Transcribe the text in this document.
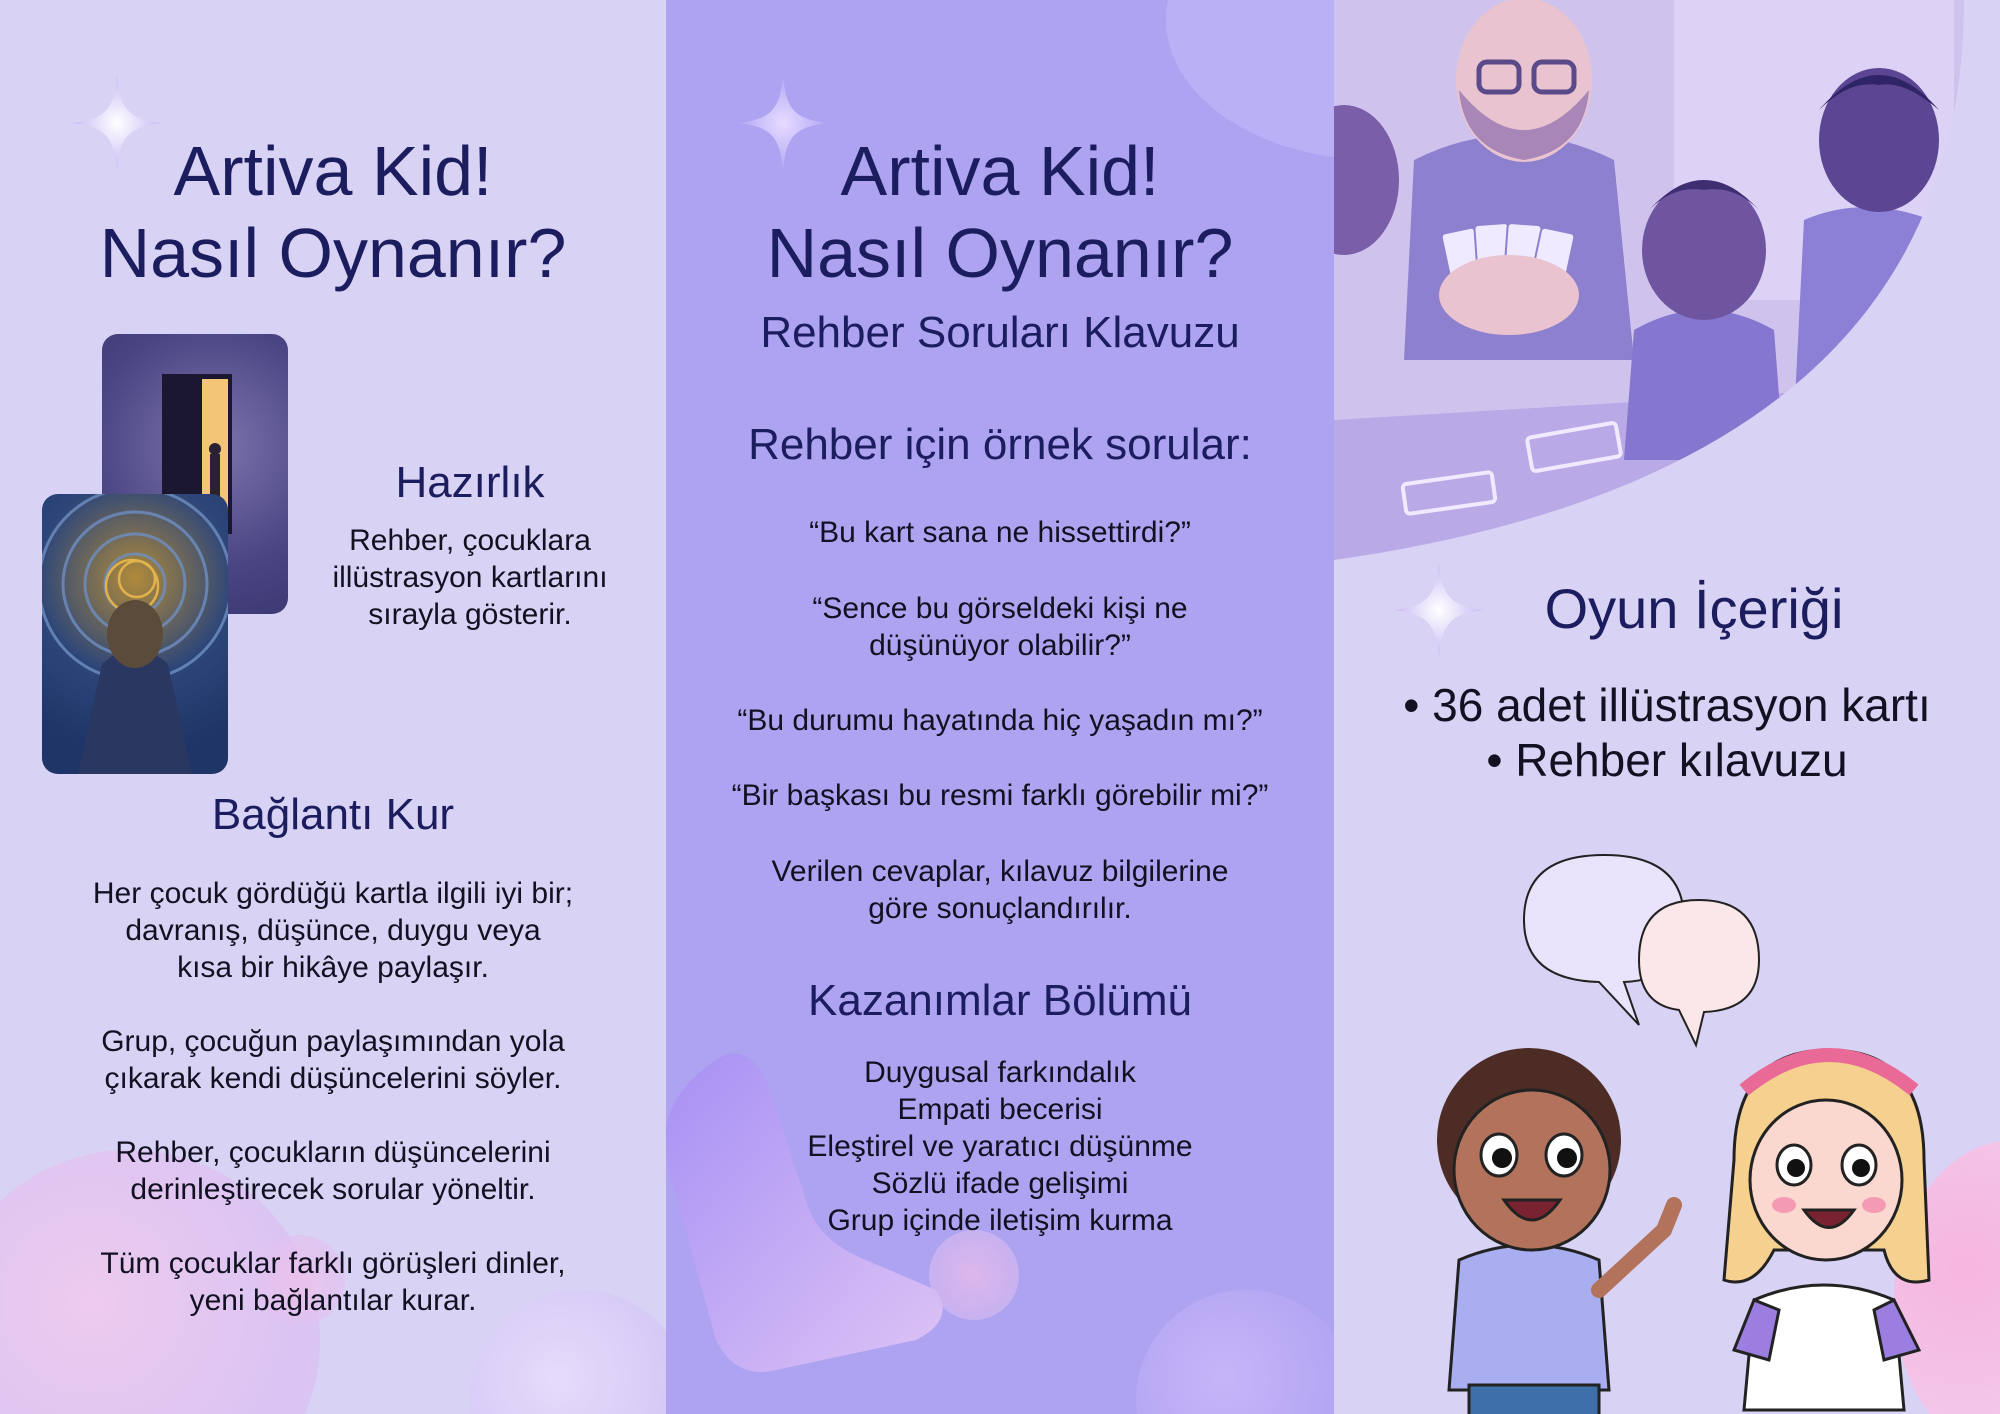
Artiva Kid!
Nasıl Oynanır?
Hazırlık
Rehber, çocuklara
illüstrasyon kartlarını
sırayla gösterir.
Bağlantı Kur
Her çocuk gördüğü kartla ilgili iyi bir;
davranış, düşünce, duygu veya
kısa bir hikâye paylaşır.
Grup, çocuğun paylaşımından yola
çıkarak kendi düşüncelerini söyler.
Rehber, çocukların düşüncelerini
derinleştirecek sorular yöneltir.
Tüm çocuklar farklı görüşleri dinler,
yeni bağlantılar kurar.
Artiva Kid!
Nasıl Oynanır?
Rehber Soruları Klavuzu
Rehber için örnek sorular:
“Bu kart sana ne hissettirdi?”
“Sence bu görseldeki kişi ne
düşünüyor olabilir?”
“Bu durumu hayatında hiç yaşadın mı?”
“Bir başkası bu resmi farklı görebilir mi?”
Verilen cevaplar, kılavuz bilgilerine
göre sonuçlandırılır.
Kazanımlar Bölümü
Duygusal farkındalık
Empati becerisi
Eleştirel ve yaratıcı düşünme
Sözlü ifade gelişimi
Grup içinde iletişim kurma
Oyun İçeriği
• 36 adet illüstrasyon kartı
• Rehber kılavuzu
